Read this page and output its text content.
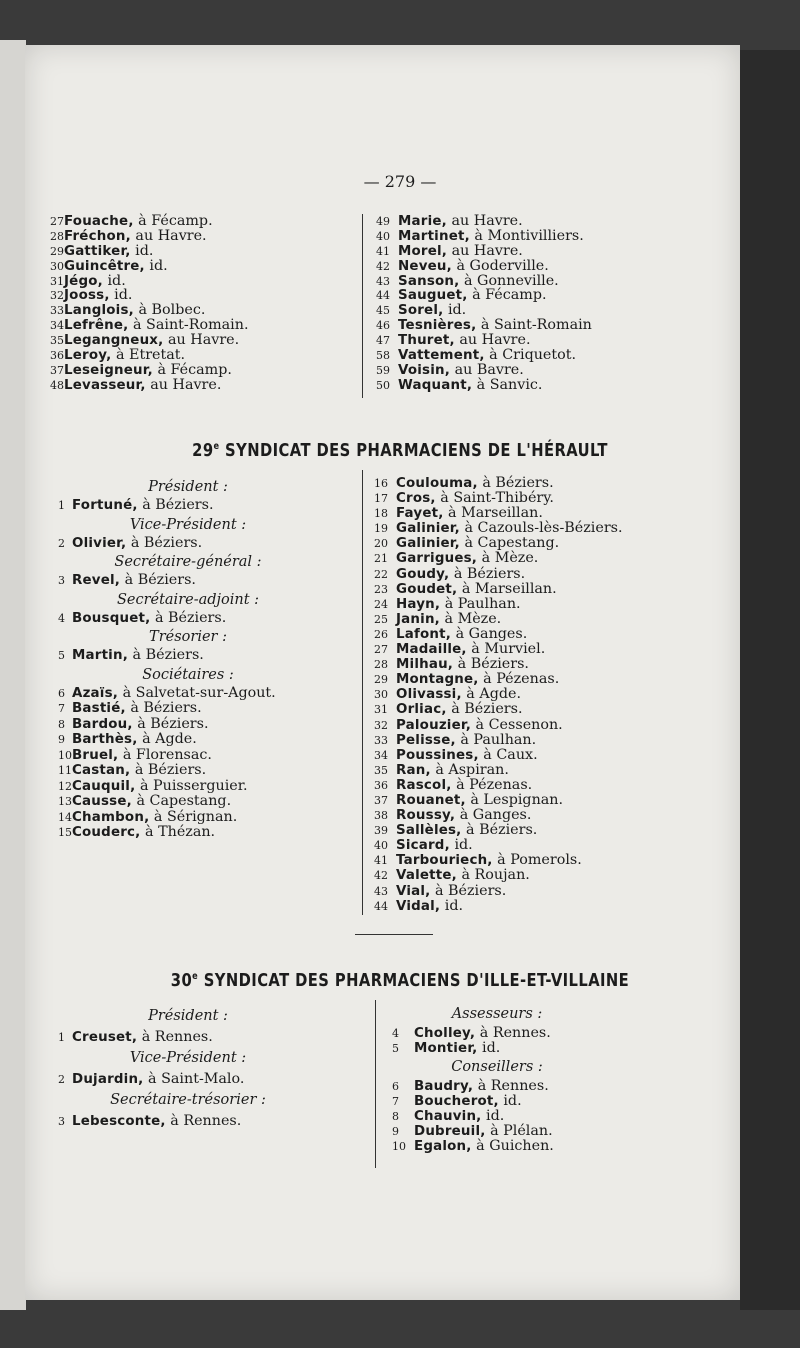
— 279 —
27Fouache, à Fécamp.
28Fréchon, au Havre.
29Gattiker, id.
30Guincêtre, id.
31Jégo, id.
32Jooss, id.
33Langlois, à Bolbec.
34Lefrêne, à Saint-Romain.
35Legangneux, au Havre.
36Leroy, à Etretat.
37Leseigneur, à Fécamp.
48Levasseur, au Havre.
49 Marie, au Havre.
40 Martinet, à Montivilliers.
41 Morel, au Havre.
42 Neveu, à Goderville.
43 Sanson, à Gonneville.
44 Sauguet, à Fécamp.
45 Sorel, id.
46 Tesnières, à Saint-Romain
47 Thuret, au Havre.
58 Vattement, à Criquetot.
59 Voisin, au Bavre.
50 Waquant, à Sanvic.
29e SYNDICAT DES PHARMACIENS DE L'HÉRAULT
Président :
1 Fortuné, à Béziers.
Vice-Président :
2 Olivier, à Béziers.
Secrétaire-général :
3 Revel, à Béziers.
Secrétaire-adjoint :
4 Bousquet, à Béziers.
Trésorier :
5 Martin, à Béziers.
Sociétaires :
6 Azaïs, à Salvetat-sur-Agout.
7 Bastié, à Béziers.
8 Bardou, à Béziers.
9 Barthès, à Agde.
10Bruel, à Florensac.
11Castan, à Béziers.
12Cauquil, à Puisserguier.
13Causse, à Capestang.
14Chambon, à Sérignan.
15Couderc, à Thézan.
16 Coulouma, à Béziers.
17 Cros, à Saint-Thibéry.
18 Fayet, à Marseillan.
19 Galinier, à Cazouls-lès-Béziers.
20 Galinier, à Capestang.
21 Garrigues, à Mèze.
22 Goudy, à Béziers.
23 Goudet, à Marseillan.
24 Hayn, à Paulhan.
25 Janin, à Mèze.
26 Lafont, à Ganges.
27 Madaille, à Murviel.
28 Milhau, à Béziers.
29 Montagne, à Pézenas.
30 Olivassi, à Agde.
31 Orliac, à Béziers.
32 Palouzier, à Cessenon.
33 Pelisse, à Paulhan.
34 Poussines, à Caux.
35 Ran, à Aspiran.
36 Rascol, à Pézenas.
37 Rouanet, à Lespignan.
38 Roussy, à Ganges.
39 Sallèles, à Béziers.
40 Sicard, id.
41 Tarbouriech, à Pomerols.
42 Valette, à Roujan.
43 Vial, à Béziers.
44 Vidal, id.
30e SYNDICAT DES PHARMACIENS D'ILLE-ET-VILLAINE
Président :
1 Creuset, à Rennes.
Vice-Président :
2 Dujardin, à Saint-Malo.
Secrétaire-trésorier :
3 Lebesconte, à Rennes.
Assesseurs :
4 Cholley, à Rennes.
5 Montier, id.
Conseillers :
6 Baudry, à Rennes.
7 Boucherot, id.
8 Chauvin, id.
9 Dubreuil, à Plélan.
10 Egalon, à Guichen.
